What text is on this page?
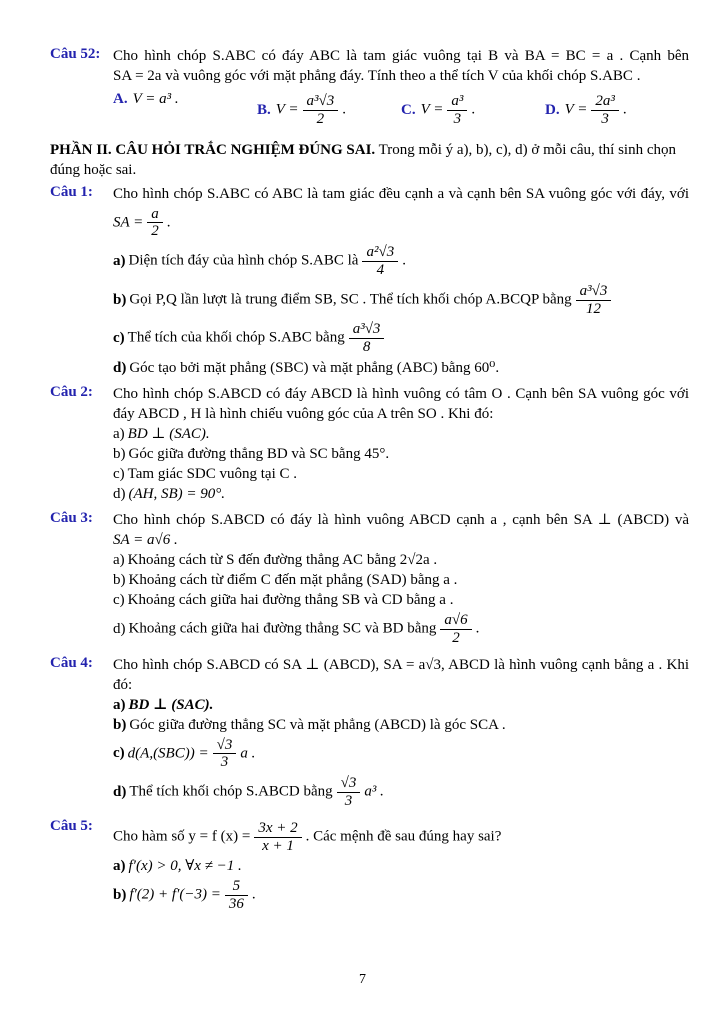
Câu 52: Cho hình chóp S.ABC có đáy ABC là tam giác vuông tại B và BA = BC = a . Cạnh bên
SA = 2a và vuông góc với mặt phẳng đáy. Tính theo a thể tích V của khối chóp S.ABC .
A. V = a³ .
B. $V = \frac{\text{a³√3}}{2}$ .	C. $V = \frac{\text{a³}}{3}$ .	D. $V = \frac{\text{2a³}}{3}$ .
PHẦN II. CÂU HỎI TRẮC NGHIỆM ĐÚNG SAI. Trong mỗi ý a), b), c), d) ở mỗi câu, thí sinh chọn
đúng hoặc sai.
Câu 1:	Cho hình chóp S.ABC có ABC là tam giác đều cạnh a và cạnh bên SA vuông góc với đáy, với
SA = $\frac{a}{2}$ .
a) Diện tích đáy của hình chóp S.ABC là $\frac{\text{a²√3}}{4}$ .
b) Gọi P,Q lần lượt là trung điểm SB, SC . Thể tích khối chóp A.BCQP bằng $\frac{\text{a³√3}}{12}$
c) Thể tích của khối chóp S.ABC bằng $\frac{\text{a³√3}}{8}$
d) Góc tạo bởi mặt phẳng (SBC) và mặt phẳng (ABC) bằng 60⁰.
Câu 2:	Cho hình chóp S.ABCD có đáy ABCD là hình vuông có tâm O . Cạnh bên SA vuông góc với
đáy ABCD , H là hình chiếu vuông góc của A trên SO . Khi đó:
a) BD ⊥ (SAC).
b) Góc giữa đường thẳng BD và SC bằng 45°.
c) Tam giác SDC vuông tại C .
d) (AH, SB) = 90°.
Câu 3:	Cho hình chóp S.ABCD có đáy là hình vuông ABCD cạnh a , cạnh bên SA ⊥ (ABCD) và
SA = a√6 .
a) Khoảng cách từ S đến đường thẳng AC bằng 2√2a .
b) Khoảng cách từ điểm C đến mặt phẳng (SAD) bằng a .
c) Khoảng cách giữa hai đường thẳng SB và CD bằng a .
d) Khoảng cách giữa hai đường thẳng SC và BD bằng $\frac{a√6}{2}$ .
Câu 4:	Cho hình chóp S.ABCD có SA ⊥ (ABCD), SA = a√3, ABCD là hình vuông cạnh bằng a . Khi
đó:
a) BD ⊥ (SAC).
b) Góc giữa đường thẳng SC và mặt phẳng (ABCD) là góc SCA .
c) $d(A,(SBC)) = \frac{√3}{3}$ a .
d) Thể tích khối chóp S.ABCD bằng $\frac{√3}{3} a^3$ .
Câu 5:
Cho hàm số y = f $(x) = \frac{3x + 2}{x + 1}$ . Các mệnh đề sau đúng hay sai?
a) f′(x) > 0, ∀x ≠ −1 .
b) $f'(2) + f'(-3) = \frac{5}{36}$ .
7
